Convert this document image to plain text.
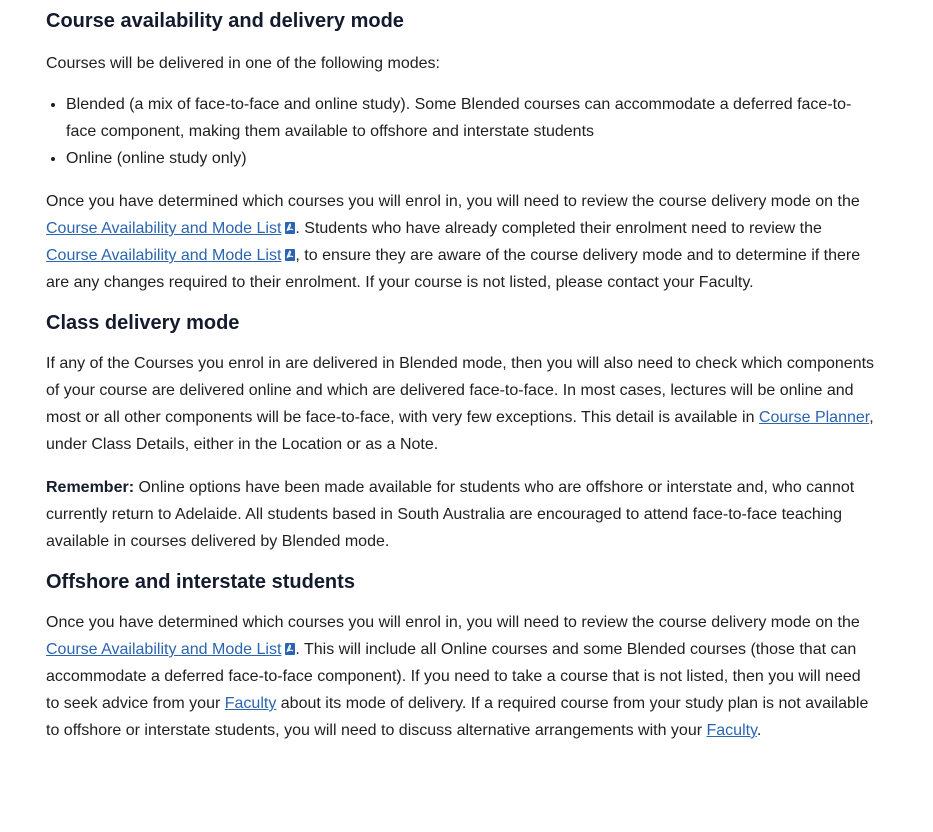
Course availability and delivery mode

Courses will be delivered in one of the following modes:

• Blended (a mix of face-to-face and online study). Some Blended courses can accommodate a deferred face-to-face component, making them available to offshore and interstate students
• Online (online study only)

Once you have determined which courses you will enrol in, you will need to review the course delivery mode on the Course Availability and Mode List . Students who have already completed their enrolment need to review the Course Availability and Mode List , to ensure they are aware of the course delivery mode and to determine if there are any changes required to their enrolment. If your course is not listed, please contact your Faculty.

Class delivery mode

If any of the Courses you enrol in are delivered in Blended mode, then you will also need to check which components of your course are delivered online and which are delivered face-to-face. In most cases, lectures will be online and most or all other components will be face-to-face, with very few exceptions. This detail is available in Course Planner, under Class Details, either in the Location or as a Note.

Remember: Online options have been made available for students who are offshore or interstate and, who cannot currently return to Adelaide. All students based in South Australia are encouraged to attend face-to-face teaching available in courses delivered by Blended mode.

Offshore and interstate students

Once you have determined which courses you will enrol in, you will need to review the course delivery mode on the Course Availability and Mode List . This will include all Online courses and some Blended courses (those that can accommodate a deferred face-to-face component). If you need to take a course that is not listed, then you will need to seek advice from your Faculty about its mode of delivery. If a required course from your study plan is not available to offshore or interstate students, you will need to discuss alternative arrangements with your Faculty.
